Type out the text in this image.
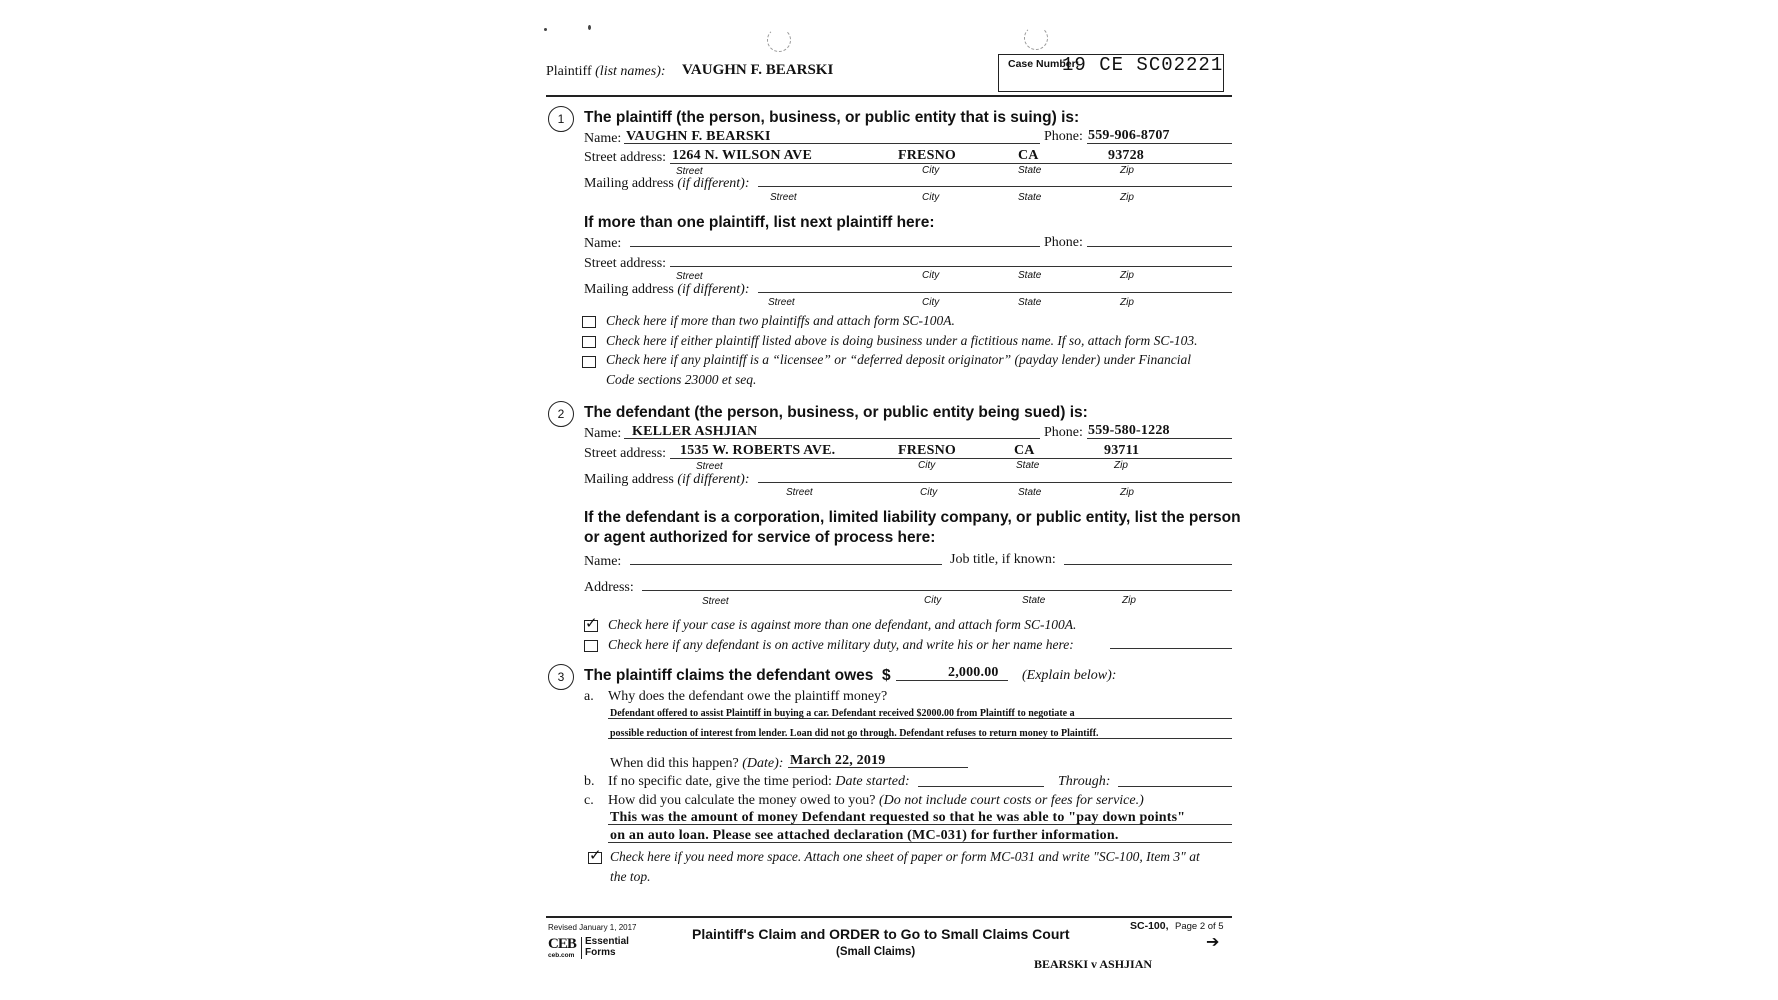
Plaintiff (list names): VAUGHN F. BEARSKI	Case Number:
19 CE SC02221
1	The plaintiff (the person, business, or public entity that is suing) is:
Name: VAUGHN F. BEARSKI	Phone: 559-906-8707
Street address: 1264 N. WILSON AVE	FRESNO	CA	93728
Street	City	State	Zip
Mailing address (if different):
Street	City	State	Zip
If more than one plaintiff, list next plaintiff here:
Name:	Phone:
Street address:
Street	City	State	Zip
Mailing address (if different):
Street	City	State	Zip
Check here if more than two plaintiffs and attach form SC-100A.
Check here if either plaintiff listed above is doing business under a fictitious name. If so, attach form SC-103.
Check here if any plaintiff is a “licensee” or “deferred deposit originator” (payday lender) under Financial
Code sections 23000 et seq.
2	The defendant (the person, business, or public entity being sued) is:
Name: KELLER ASHJIAN	Phone: 559-580-1228
Street address: 1535 W. ROBERTS AVE.	FRESNO	CA	93711
Street	City	State	Zip
Mailing address (if different):
Street	City	State	Zip
If the defendant is a corporation, limited liability company, or public entity, list the person
or agent authorized for service of process here:
Name:	Job title, if known:
Address:
Street	City	State	Zip
✓ Check here if your case is against more than one defendant, and attach form SC-100A.
Check here if any defendant is on active military duty, and write his or her name here:
3	The plaintiff claims the defendant owes $	2,000.00 (Explain below):
a. Why does the defendant owe the plaintiff money?
Defendant offered to assist Plaintiff in buying a car. Defendant received $2000.00 from Plaintiff to negotiate a
possible reduction of interest from lender. Loan did not go through. Defendant refuses to return money to Plaintiff.
When did this happen? (Date): March 22, 2019
b. If no specific date, give the time period: Date started:	Through:
c. How did you calculate the money owed to you? (Do not include court costs or fees for service.)
This was the amount of money Defendant requested so that he was able to "pay down points"
on an auto loan. Please see attached declaration (MC-031) for further information.
✓ Check here if you need more space. Attach one sheet of paper or form MC-031 and write "SC-100, Item 3" at
the top.
Revised January 1, 2017
CEB
ceb.com
Essential
Forms
Plaintiff's Claim and ORDER to Go to Small Claims Court
(Small Claims)
SC-100, Page 2 of 5
➔
BEARSKI v ASHJIAN
